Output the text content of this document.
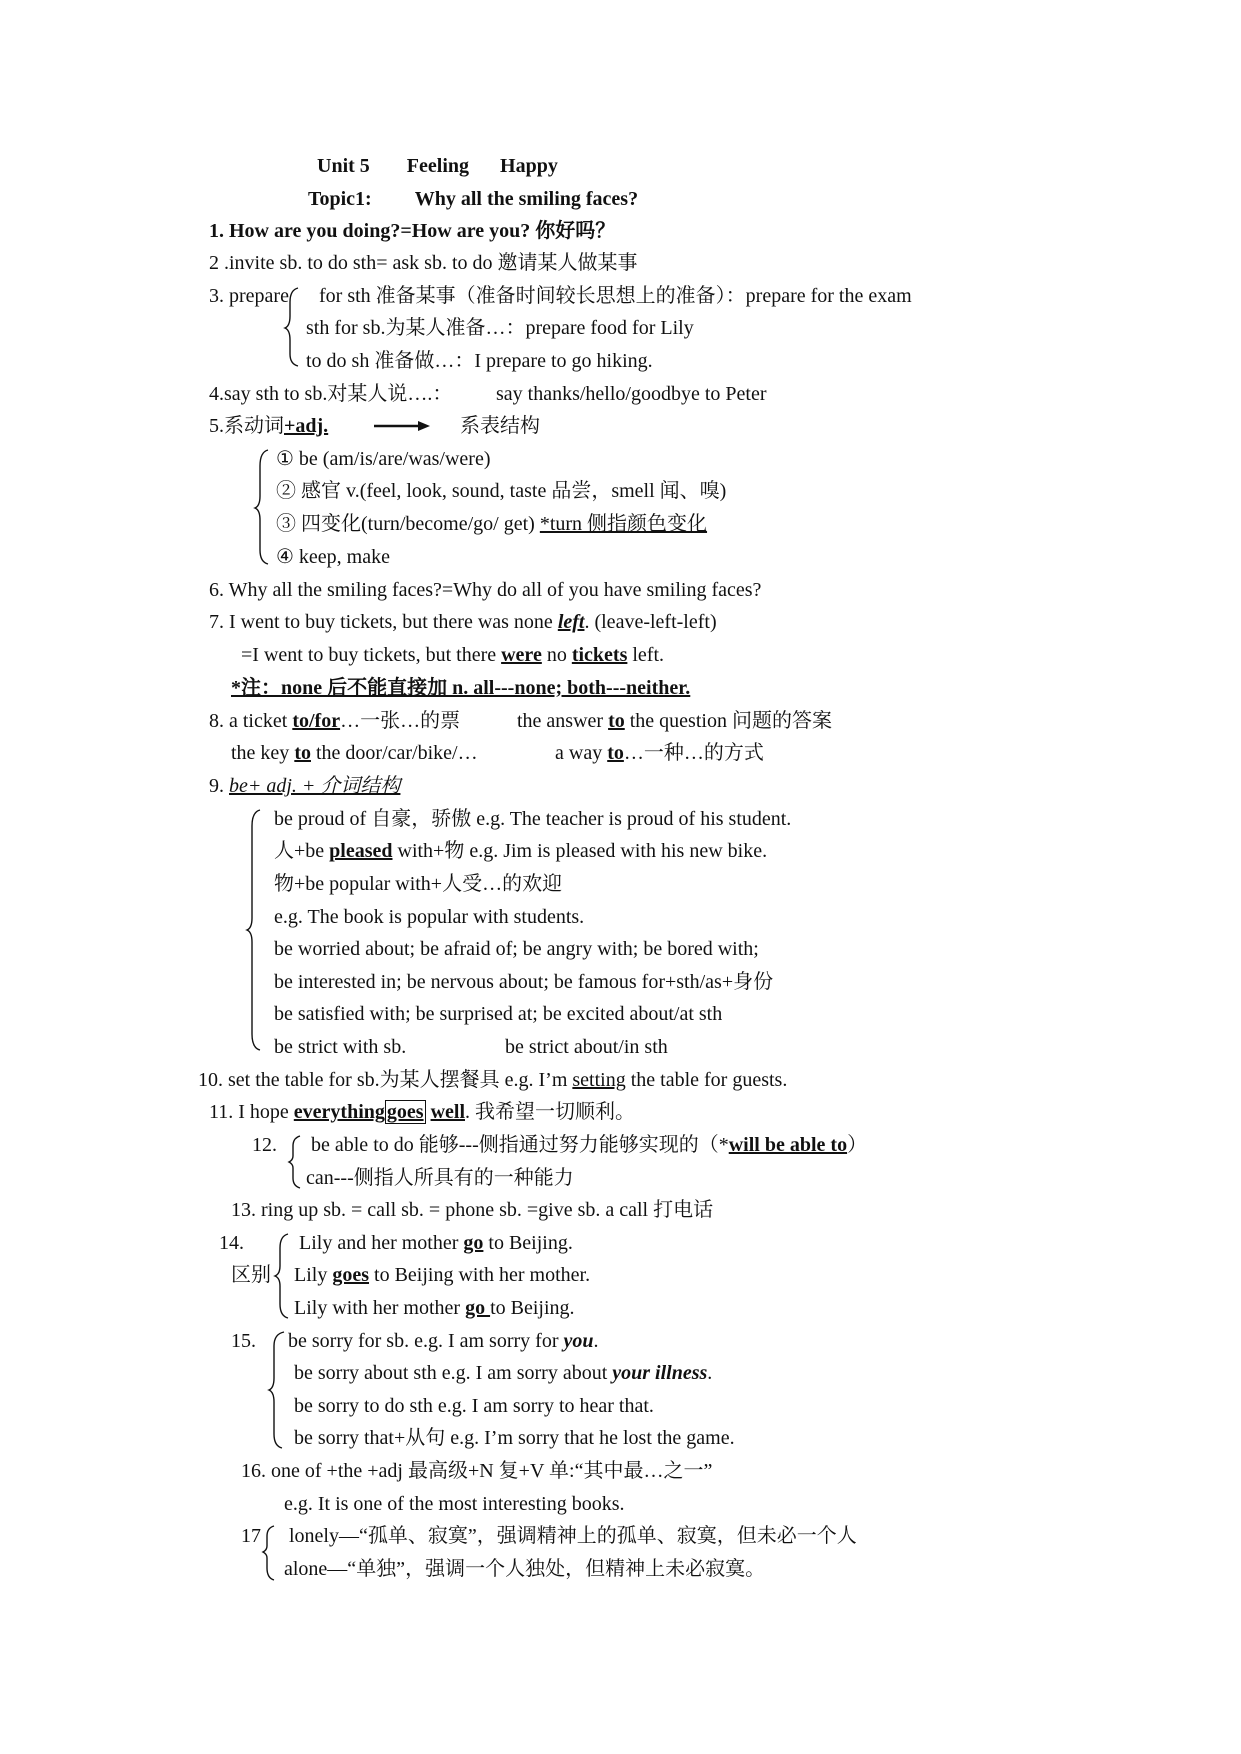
Unit 5 Feeling Happy
Topic1: Why all the smiling faces?
1. How are you doing?=How are you? 你好吗？
2 .invite sb. to do sth= ask sb. to do 邀请某人做某事
3. prepare for sth 准备某事（准备时间较长思想上的准备）：prepare for the exam
sth for sb.为某人准备…：prepare food for Lily
to do sh 准备做…：I prepare to go hiking.
4.say sth to sb.对某人说….： say thanks/hello/goodbye to Peter
5.系动词+adj.	系表结构
① be (am/is/are/was/were)
② 感官 v.(feel, look, sound, taste 品尝，smell 闻、嗅)
③ 四变化(turn/become/go/ get) *turn 侧指颜色变化
④ keep, make
6. Why all the smiling faces?=Why do all of you have smiling faces?
7. I went to buy tickets, but there was none left. (leave-left-left)
=I went to buy tickets, but there were no tickets left.
*注：none 后不能直接加 n. all---none; both---neither.
8. a ticket to/for…一张…的票	the answer to the question 问题的答案
the key to the door/car/bike/…	a way to…一种…的方式
9. be+ adj. + 介词结构
be proud of 自豪，骄傲 e.g. The teacher is proud of his student.
人+be pleased with+物 e.g. Jim is pleased with his new bike.
物+be popular with+人受…的欢迎
e.g. The book is popular with students.
be worried about; be afraid of; be angry with; be bored with;
be interested in; be nervous about; be famous for+sth/as+身份
be satisfied with; be surprised at; be excited about/at sth
be strict with sb.	be strict about/in sth
10. set the table for sb.为某人摆餐具 e.g. I’m setting the table for guests.
11. I hope everything goes well. 我希望一切顺利。
12. be able to do 能够---侧指通过努力能够实现的（*will be able to）
can---侧指人所具有的一种能力
13. ring up sb. = call sb. = phone sb. =give sb. a call 打电话
14.
区别
Lily and her mother go to Beijing.
Lily goes to Beijing with her mother.
Lily with her mother go to Beijing.
15. be sorry for sb. e.g. I am sorry for you.
be sorry about sth e.g. I am sorry about your illness.
be sorry to do sth e.g. I am sorry to hear that.
be sorry that+从句 e.g. I’m sorry that he lost the game.
16. one of +the +adj 最高级+N 复+V 单:“其中最…之一”
e.g. It is one of the most interesting books.
17 lonely—“孤单、寂寞”，强调精神上的孤单、寂寞，但未必一个人
alone—“单独”，强调一个人独处，但精神上未必寂寞。
